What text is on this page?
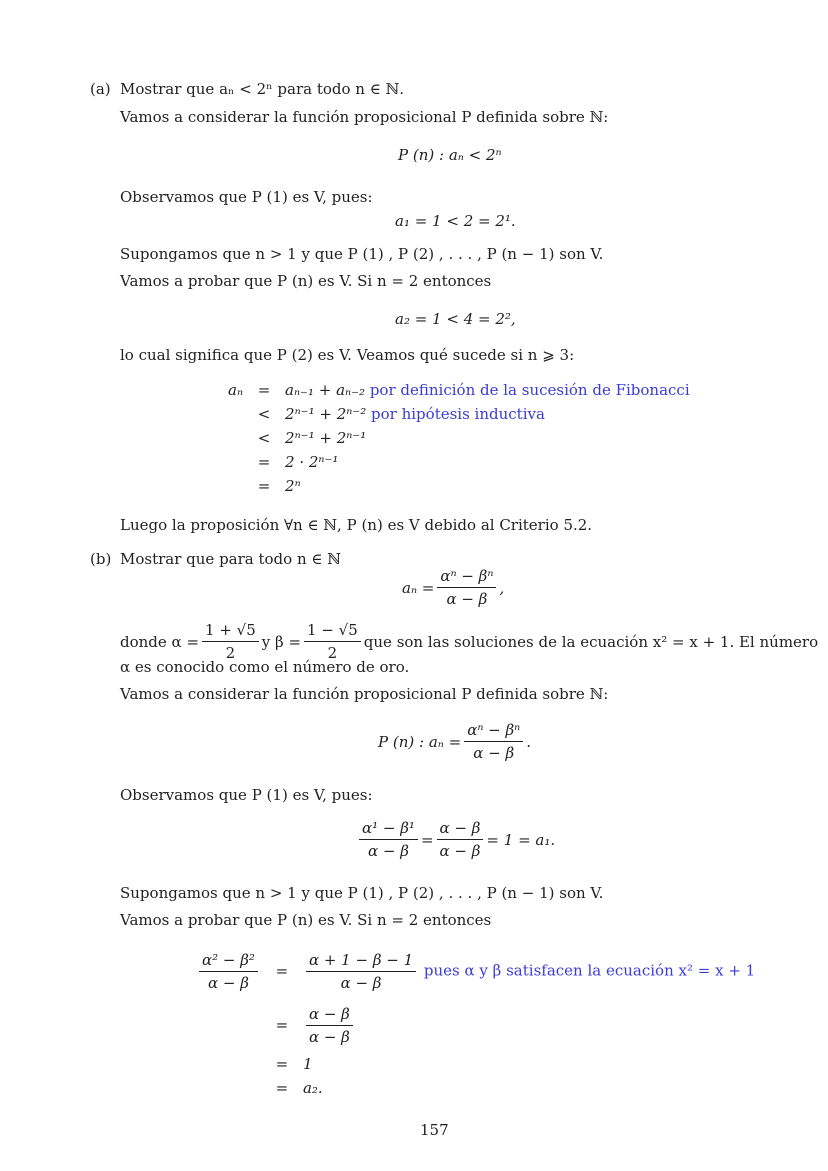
(a) Mostrar que aₙ < 2ⁿ para todo n ∈ ℕ.
Vamos a considerar la función proposicional P definida sobre ℕ:
P (n) : aₙ < 2ⁿ
Observamos que P (1) es V, pues:
a₁ = 1 < 2 = 2¹.
Supongamos que n > 1 y que P (1) , P (2) , . . . , P (n − 1) son V.
Vamos a probar que P (n) es V. Si n = 2 entonces
a₂ = 1 < 4 = 2²,
lo cual significa que P (2) es V. Veamos qué sucede si n ⩾ 3:
aₙ	=	aₙ₋₁ + aₙ₋₂ por definición de la sucesión de Fibonacci
	<	2ⁿ⁻¹ + 2ⁿ⁻² por hipótesis inductiva
	<	2ⁿ⁻¹ + 2ⁿ⁻¹
	=	2 · 2ⁿ⁻¹
	=	2ⁿ
Luego la proposición ∀n ∈ ℕ, P (n) es V debido al Criterio 5.2.
(b) Mostrar que para todo n ∈ ℕ
$a_n = \frac{\text{αⁿ − βⁿ}}{\alpha - \beta}$ ,
donde $\alpha = \frac{1 + √5}{2}$ y $\beta = \frac{1 - √5}{2}$ que son las soluciones de la ecuación x² = x + 1. El número
α es conocido como el número de oro.
Vamos a considerar la función proposicional P definida sobre ℕ:
P (n) : $a_n = \frac{\text{αⁿ − βⁿ}}{\alpha - \beta}$ .
Observamos que P (1) es V, pues:
$\frac{\text{α¹ − β¹}}{\alpha - \beta} = \frac{\alpha - \beta}{\alpha - \beta} = 1 = a_1$.
Supongamos que n > 1 y que P (1) , P (2) , . . . , P (n − 1) son V.
Vamos a probar que P (n) es V. Si n = 2 entonces
$\frac{\text{α² − β²}}{\alpha - \beta}$	=	$\frac{\alpha + 1 - \beta - 1}{\alpha - \beta}$ pues α y β satisfacen la ecuación x² = x + 1
	=	$\frac{\alpha - \beta}{\alpha - \beta}$

	=	1
	=	a₂.
157
